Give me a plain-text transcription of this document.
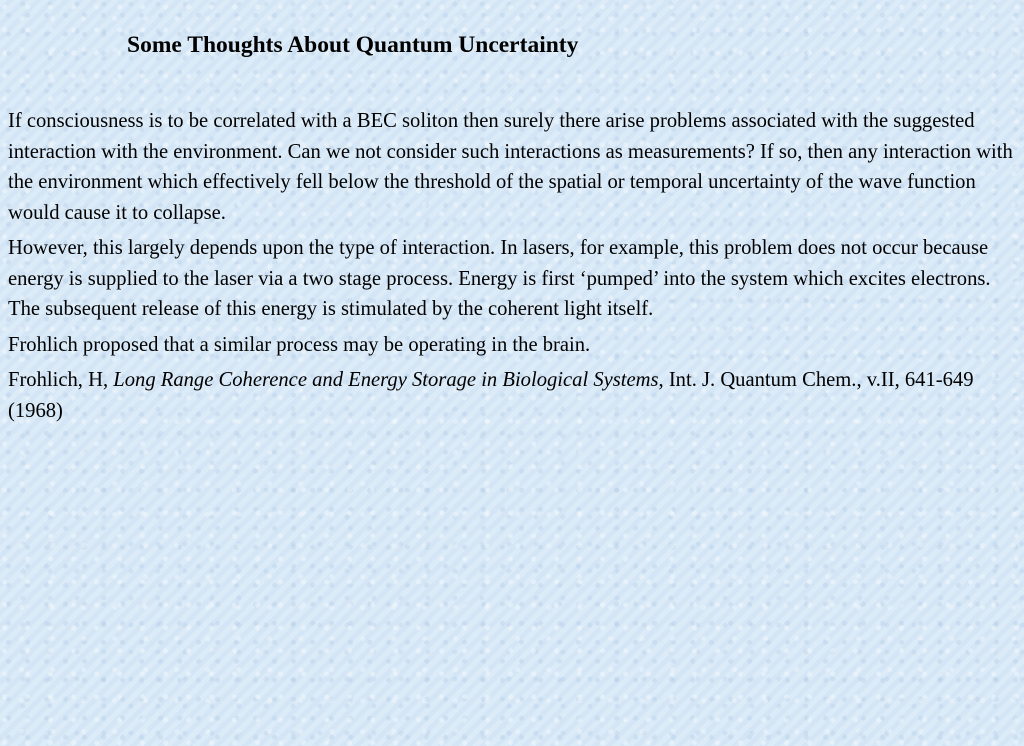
Some Thoughts About Quantum Uncertainty

If consciousness is to be correlated with a BEC soliton then surely there arise problems associated with the suggested interaction with the environment. Can we not consider such interactions as measurements? If so, then any interaction with the environment which effectively fell below the threshold of the spatial or temporal uncertainty of the wave function would cause it to collapse.

However, this largely depends upon the type of interaction. In lasers, for example, this problem does not occur because energy is supplied to the laser via a two stage process. Energy is first ‘pumped’ into the system which excites electrons. The subsequent release of this energy is stimulated by the coherent light itself.

Frohlich proposed that a similar process may be operating in the brain.

Frohlich, H, Long Range Coherence and Energy Storage in Biological Systems, Int. J. Quantum Chem., v.II, 641-649 (1968)
